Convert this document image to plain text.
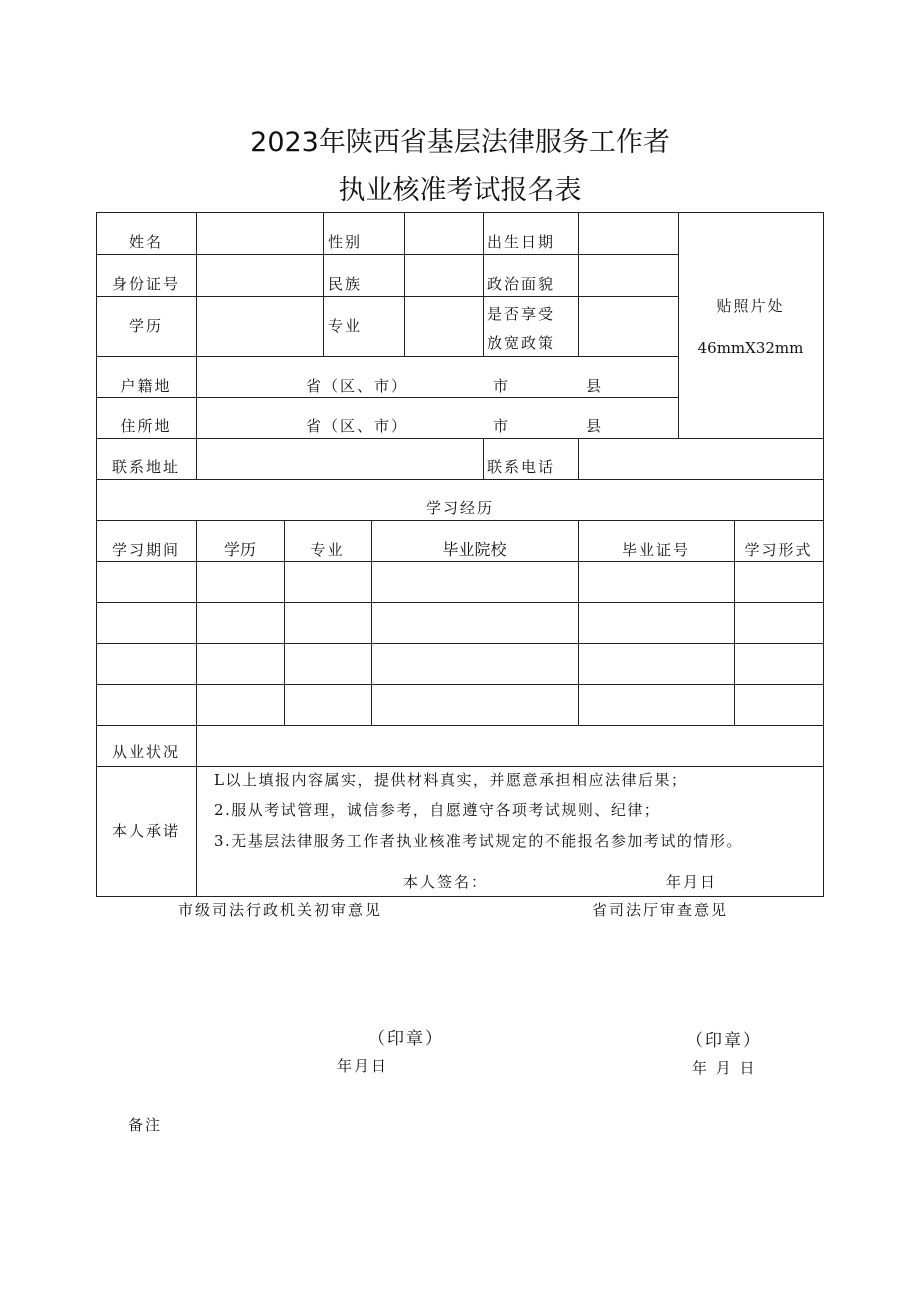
2023年陕西省基层法律服务工作者
执业核准考试报名表
姓名	性别	出生日期
身份证号	民族	政治面貌
学历	专业
是否享受
放宽政策
贴照片处
46mmX32mm
户籍地	省（区、市）	市	县
住所地	省（区、市）	市	县
联系地址	联系电话
学习经历
学习期间	学历	专业	毕业院校	毕业证号	学习形式
从业状况
本人承诺
L以上填报内容属实，提供材料真实，并愿意承担相应法律后果；
2.服从考试管理，诚信参考，自愿遵守各项考试规则、纪律；
3.无基层法律服务工作者执业核准考试规定的不能报名参加考试的情形。
本人签名：	年月日
市级司法行政机关初审意见	省司法厅审查意见
（印章）	（印章）
年月日	年 月 日
备注
